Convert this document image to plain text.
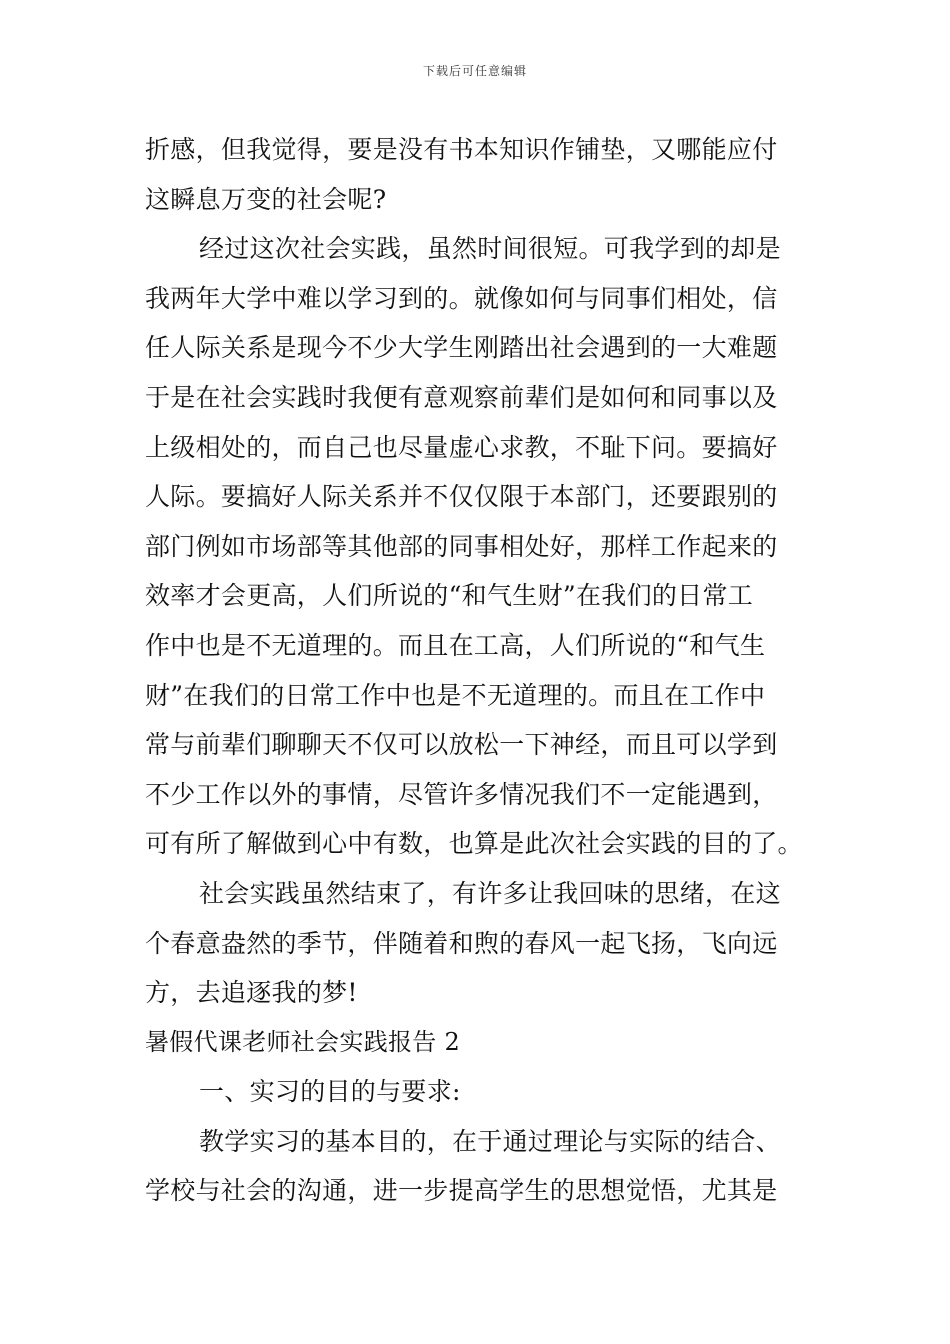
下载后可任意编辑
折感，但我觉得，要是没有书本知识作铺垫，又哪能应付
这瞬息万变的社会呢?
经过这次社会实践，虽然时间很短。可我学到的却是
我两年大学中难以学习到的。就像如何与同事们相处，信
任人际关系是现今不少大学生刚踏出社会遇到的一大难题
于是在社会实践时我便有意观察前辈们是如何和同事以及
上级相处的，而自己也尽量虚心求教，不耻下问。要搞好
人际。要搞好人际关系并不仅仅限于本部门，还要跟别的
部门例如市场部等其他部的同事相处好，那样工作起来的
效率才会更高，人们所说的“和气生财”在我们的日常工
作中也是不无道理的。而且在工高，人们所说的“和气生
财”在我们的日常工作中也是不无道理的。而且在工作中
常与前辈们聊聊天不仅可以放松一下神经，而且可以学到
不少工作以外的事情，尽管许多情况我们不一定能遇到，
可有所了解做到心中有数，也算是此次社会实践的目的了。
社会实践虽然结束了，有许多让我回味的思绪，在这
个春意盎然的季节，伴随着和煦的春风一起飞扬，飞向远
方，去追逐我的梦!
暑假代课老师社会实践报告 2
一、实习的目的与要求:
教学实习的基本目的，在于通过理论与实际的结合、
学校与社会的沟通，进一步提高学生的思想觉悟，尤其是
